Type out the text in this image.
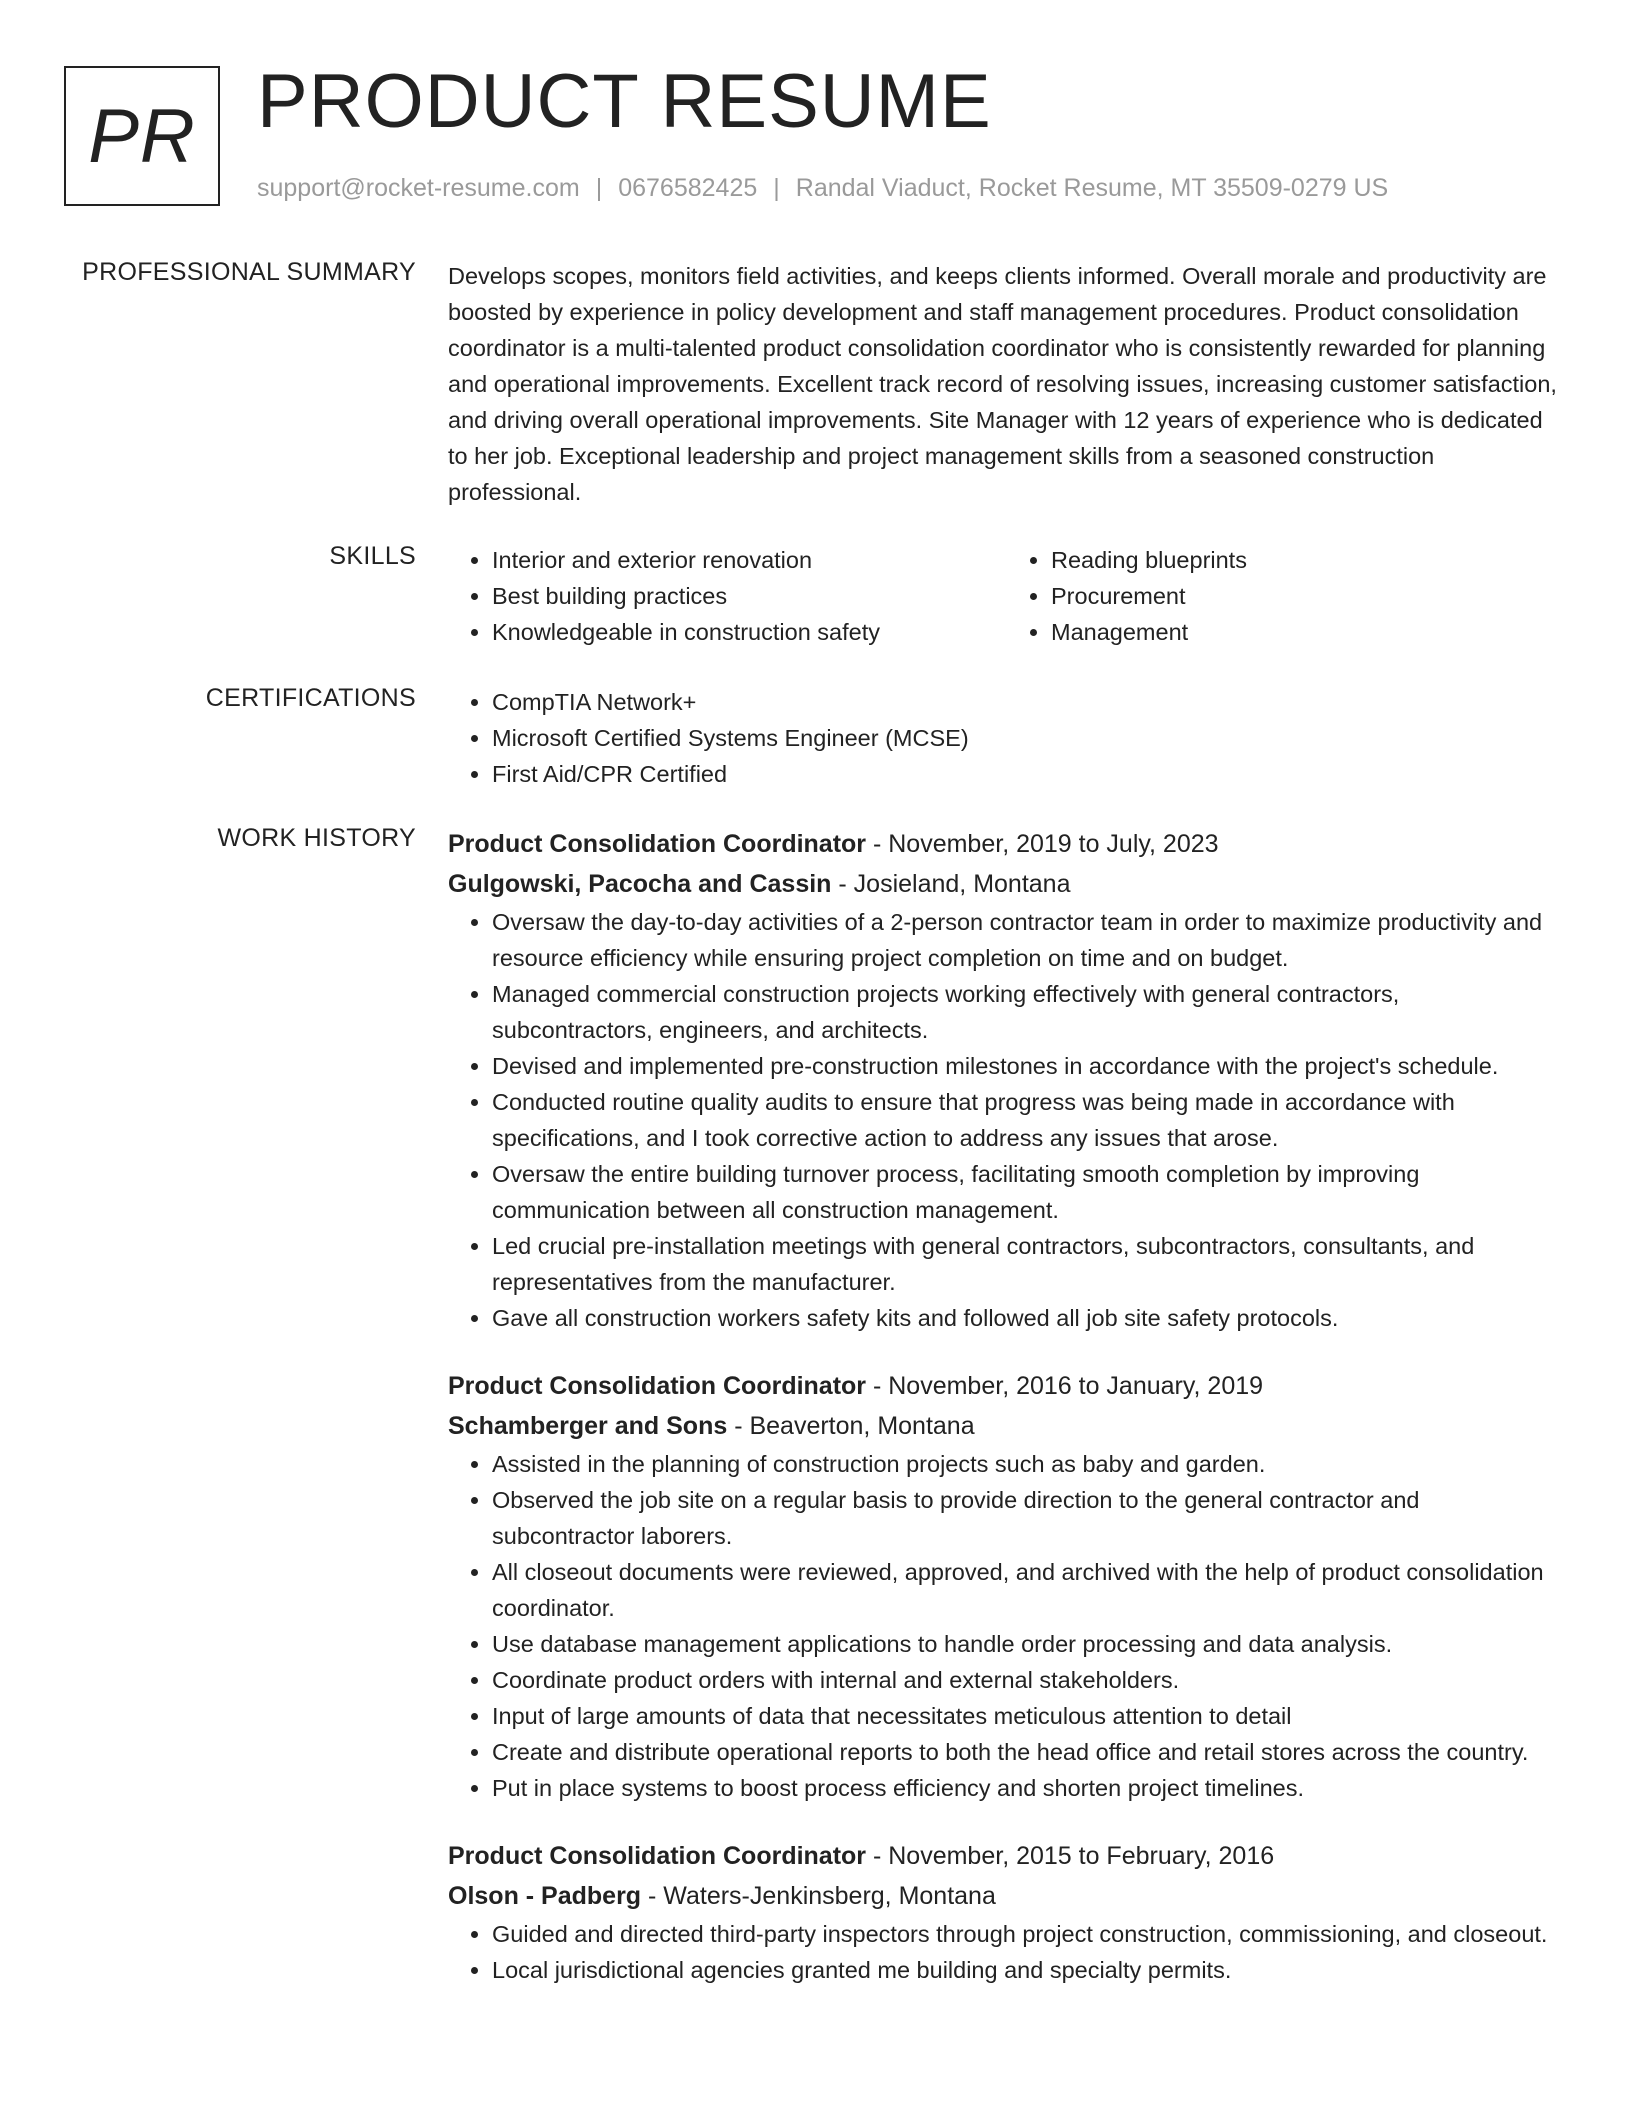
PR PRODUCT RESUME
support@rocket-resume.com | 0676582425 | Randal Viaduct, Rocket Resume, MT 35509-0279 US
PROFESSIONAL SUMMARY Develops scopes, monitors field activities, and keeps clients informed. Overall morale and productivity are boosted by experience in policy development and staff management procedures. Product consolidation coordinator is a multi-talented product consolidation coordinator who is consistently rewarded for planning and operational improvements. Excellent track record of resolving issues, increasing customer satisfaction, and driving overall operational improvements. Site Manager with 12 years of experience who is dedicated to her job. Exceptional leadership and project management skills from a seasoned construction professional.

SKILLS	• Interior and exterior renovation
• Best building practices
• Knowledgeable in construction safety
• Reading blueprints
• Procurement
• Management
CERTIFICATIONS	• CompTIA Network+
• Microsoft Certified Systems Engineer (MCSE)
• First Aid/CPR Certified
WORK HISTORY Product Consolidation Coordinator - November, 2019 to July, 2023
Gulgowski, Pacocha and Cassin - Josieland, Montana
• Oversaw the day-to-day activities of a 2-person contractor team in order to maximize productivity and resource efficiency while ensuring project completion on time and on budget.
• Managed commercial construction projects working effectively with general contractors, subcontractors, engineers, and architects.
• Devised and implemented pre-construction milestones in accordance with the project's schedule.
• Conducted routine quality audits to ensure that progress was being made in accordance with specifications, and I took corrective action to address any issues that arose.
• Oversaw the entire building turnover process, facilitating smooth completion by improving communication between all construction management.
• Led crucial pre-installation meetings with general contractors, subcontractors, consultants, and representatives from the manufacturer.
• Gave all construction workers safety kits and followed all job site safety protocols.
Product Consolidation Coordinator - November, 2016 to January, 2019
Schamberger and Sons - Beaverton, Montana
• Assisted in the planning of construction projects such as baby and garden.
• Observed the job site on a regular basis to provide direction to the general contractor and subcontractor laborers.
• All closeout documents were reviewed, approved, and archived with the help of product consolidation coordinator.
• Use database management applications to handle order processing and data analysis.
• Coordinate product orders with internal and external stakeholders.
• Input of large amounts of data that necessitates meticulous attention to detail
• Create and distribute operational reports to both the head office and retail stores across the country.
• Put in place systems to boost process efficiency and shorten project timelines.
Product Consolidation Coordinator - November, 2015 to February, 2016
Olson - Padberg - Waters-Jenkinsberg, Montana
• Guided and directed third-party inspectors through project construction, commissioning, and closeout.
• Local jurisdictional agencies granted me building and specialty permits.
